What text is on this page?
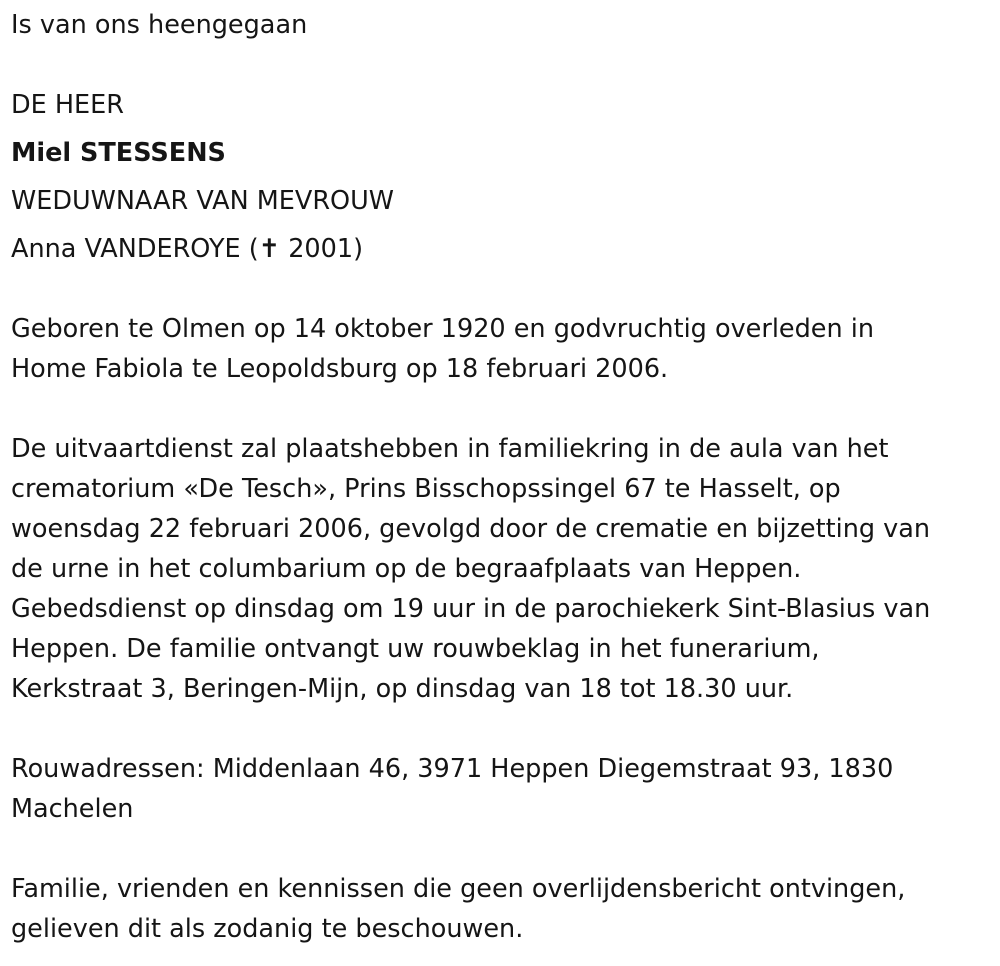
Is van ons heengegaan
DE HEER
Miel STESSENS
WEDUWNAAR VAN MEVROUW
Anna VANDEROYE (✝ 2001)
Geboren te Olmen op 14 oktober 1920 en godvruchtig overleden in
Home Fabiola te Leopoldsburg op 18 februari 2006.
De uitvaartdienst zal plaatshebben in familiekring in de aula van het
crematorium «De Tesch», Prins Bisschopssingel 67 te Hasselt, op
woensdag 22 februari 2006, gevolgd door de crematie en bijzetting van
de urne in het columbarium op de begraafplaats van Heppen.
Gebedsdienst op dinsdag om 19 uur in de parochiekerk Sint-Blasius van
Heppen. De familie ontvangt uw rouwbeklag in het funerarium,
Kerkstraat 3, Beringen-Mijn, op dinsdag van 18 tot 18.30 uur.
Rouwadressen: Middenlaan 46, 3971 Heppen Diegemstraat 93, 1830
Machelen
Familie, vrienden en kennissen die geen overlijdensbericht ontvingen,
gelieven dit als zodanig te beschouwen.
